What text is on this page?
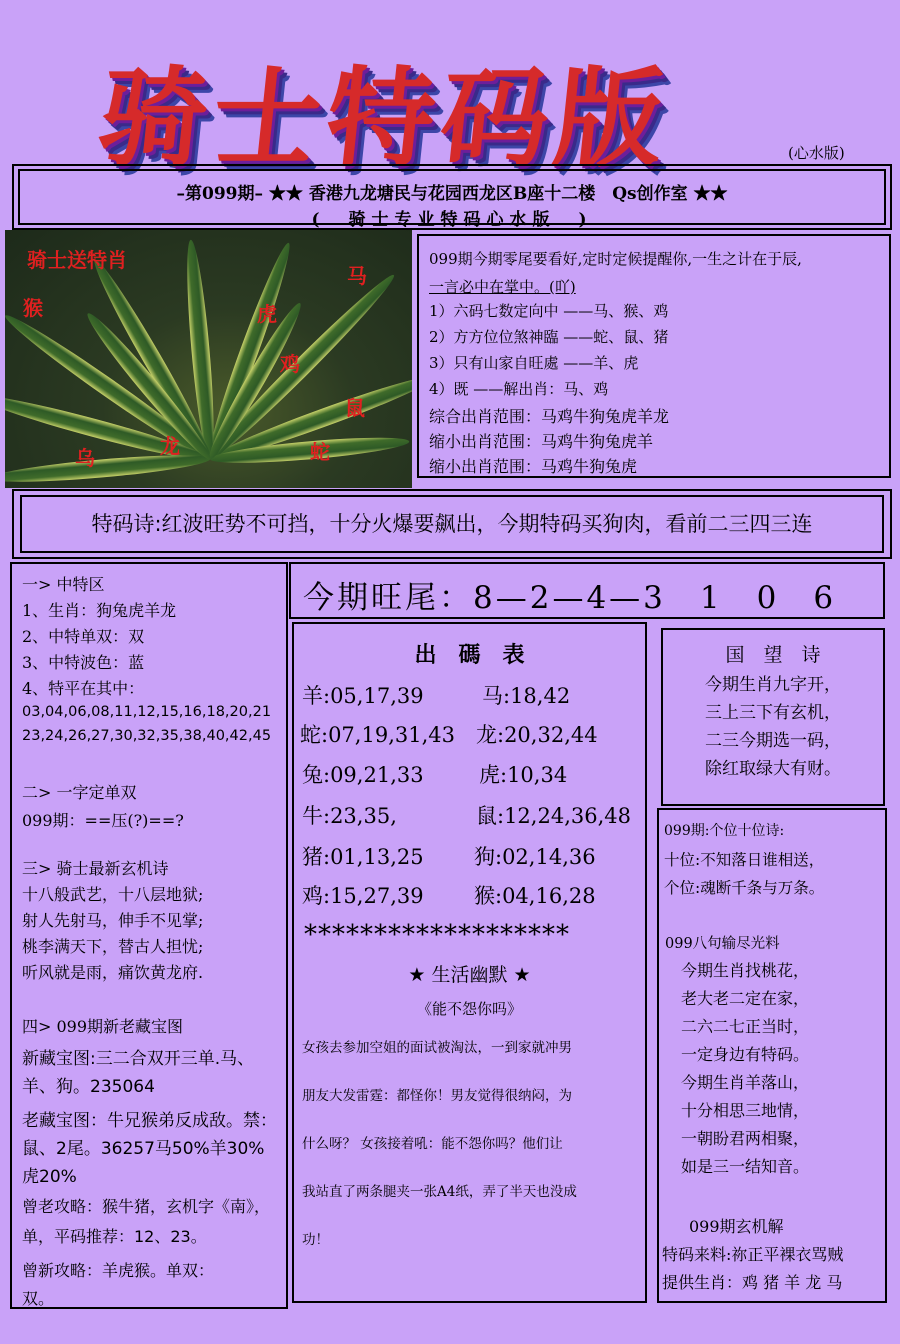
骑士特码版	(心水版)
–第099期– ★★ 香港九龙塘民与花园西龙区B座十二楼　Qs创作室 ★★
(　骑士专业特码心水版　)
骑士送特肖
马
猴	虎
鸡
鼠
乌	龙	蛇
099期今期零尾要看好,定时定候提醒你,一生之计在于辰,
一言必中在掌中。(吖)
1）六码七数定向中 ——马、猴、鸡
2）方方位位煞神臨 ——蛇、鼠、猪
3）只有山家自旺處 ——羊、虎
4）既 ——解出肖：马、鸡
综合出肖范围：马鸡牛狗兔虎羊龙
缩小出肖范围：马鸡牛狗兔虎羊
缩小出肖范围：马鸡牛狗兔虎
特码诗:红波旺势不可挡，十分火爆要飙出，今期特码买狗肉，看前二三四三连
一> 中特区
1、生肖：狗兔虎羊龙
2、中特单双：双
3、中特波色：蓝
4、特平在其中：
03,04,06,08,11,12,15,16,18,20,21
23,24,26,27,30,32,35,38,40,42,45
二> 一字定单双
099期：==压(?)==?
三> 骑士最新玄机诗
十八般武艺，十八层地狱;
射人先射马，伸手不见掌;
桃李满天下，替古人担忧;
听风就是雨，痛饮黄龙府.
四> 099期新老藏宝图
新藏宝图:三二合双开三单.马、
羊、狗。235064
老藏宝图：牛兄猴弟反成敌。禁：
鼠、2尾。36257马50%羊30%
虎20%
曾老攻略：猴牛猪，玄机字《南》，
单，平码推荐：12、23。
曾新攻略：羊虎猴。单双：
双。
今期旺尾：8—2—4—3　1　0　6
出　碼　表
羊:05,17,39	马:18,42
蛇:07,19,31,43 龙:20,32,44
兔:09,21,33	虎:10,34
牛:23,35,	鼠:12,24,36,48
猪:01,13,25 狗:02,14,36
鸡:15,27,39 猴:04,16,28
*******************
★ 生活幽默 ★
《能不怨你吗》
女孩去参加空姐的面试被淘汰，一到家就冲男
朋友大发雷霆：都怪你！男友觉得很纳闷，为
什么呀？ 女孩接着吼：能不怨你吗？他们让
我站直了两条腿夹一张A4纸，弄了半天也没成
功！
国　望　诗
今期生肖九字开，
三上三下有玄机，
二三今期选一码，
除红取绿大有财。
099期:个位十位诗:
十位:不知落日谁相送，
个位:魂断千条与万条。
099八句输尽光料
今期生肖找桃花，
老大老二定在家，
二六二七正当时，
一定身边有特码。
今期生肖羊落山，
十分相思三地情，
一朝盼君两相聚，
如是三一结知音。
099期玄机解
特码来料:祢正平裸衣骂贼
提供生肖：鸡 猪 羊 龙 马
